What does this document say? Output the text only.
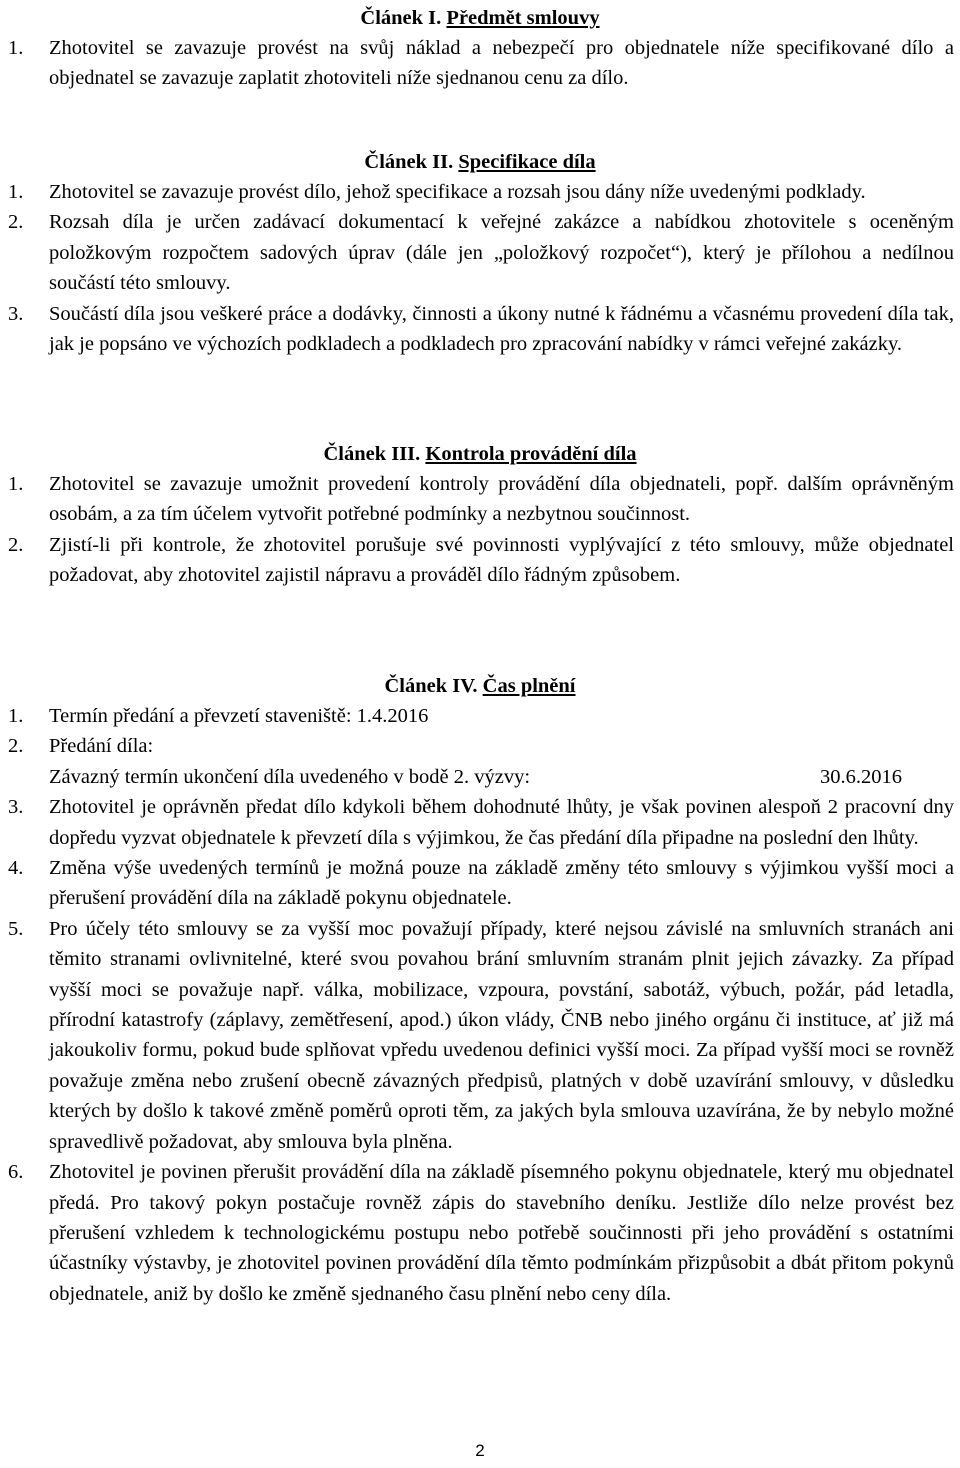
Článek I. Předmět smlouvy
1. Zhotovitel se zavazuje provést na svůj náklad a nebezpečí pro objednatele níže specifikované dílo a objednatel se zavazuje zaplatit zhotoviteli níže sjednanou cenu za dílo.
Článek II. Specifikace díla
1. Zhotovitel se zavazuje provést dílo, jehož specifikace a rozsah jsou dány níže uvedenými podklady.
2. Rozsah díla je určen zadávací dokumentací k veřejné zakázce a nabídkou zhotovitele s oceněným položkovým rozpočtem sadových úprav (dále jen „položkový rozpočet“), který je přílohou a nedílnou součástí této smlouvy.
3. Součástí díla jsou veškeré práce a dodávky, činnosti a úkony nutné k řádnému a včasnému provedení díla tak, jak je popsáno ve výchozích podkladech a podkladech pro zpracování nabídky v rámci veřejné zakázky.
Článek III. Kontrola provádění díla
1. Zhotovitel se zavazuje umožnit provedení kontroly provádění díla objednateli, popř. dalším oprávněným osobám, a za tím účelem vytvořit potřebné podmínky a nezbytnou součinnost.
2. Zjistí-li při kontrole, že zhotovitel porušuje své povinnosti vyplývající z této smlouvy, může objednatel požadovat, aby zhotovitel zajistil nápravu a prováděl dílo řádným způsobem.
Článek IV. Čas plnění
1. Termín předání a převzetí staveniště: 1.4.2016
2. Předání díla:
Závazný termín ukončení díla uvedeného v bodě 2. výzvy:	30.6.2016
3. Zhotovitel je oprávněn předat dílo kdykoli během dohodnuté lhůty, je však povinen alespoň 2 pracovní dny dopředu vyzvat objednatele k převzetí díla s výjimkou, že čas předání díla připadne na poslední den lhůty.
4. Změna výše uvedených termínů je možná pouze na základě změny této smlouvy s výjimkou vyšší moci a přerušení provádění díla na základě pokynu objednatele.
5. Pro účely této smlouvy se za vyšší moc považují případy, které nejsou závislé na smluvních stranách ani těmito stranami ovlivnitelné, které svou povahou brání smluvním stranám plnit jejich závazky. Za případ vyšší moci se považuje např. válka, mobilizace, vzpoura, povstání, sabotáž, výbuch, požár, pád letadla, přírodní katastrofy (záplavy, zemětřesení, apod.) úkon vlády, ČNB nebo jiného orgánu či instituce, ať již má jakoukoliv formu, pokud bude splňovat vpředu uvedenou definici vyšší moci. Za případ vyšší moci se rovněž považuje změna nebo zrušení obecně závazných předpisů, platných v době uzavírání smlouvy, v důsledku kterých by došlo k takové změně poměrů oproti těm, za jakých byla smlouva uzavírána, že by nebylo možné spravedlivě požadovat, aby smlouva byla plněna.
6. Zhotovitel je povinen přerušit provádění díla na základě písemného pokynu objednatele, který mu objednatel předá. Pro takový pokyn postačuje rovněž zápis do stavebního deníku. Jestliže dílo nelze provést bez přerušení vzhledem k technologickému postupu nebo potřebě součinnosti při jeho provádění s ostatními účastníky výstavby, je zhotovitel povinen provádění díla těmto podmínkám přizpůsobit a dbát přitom pokynů objednatele, aniž by došlo ke změně sjednaného času plnění nebo ceny díla.
2
